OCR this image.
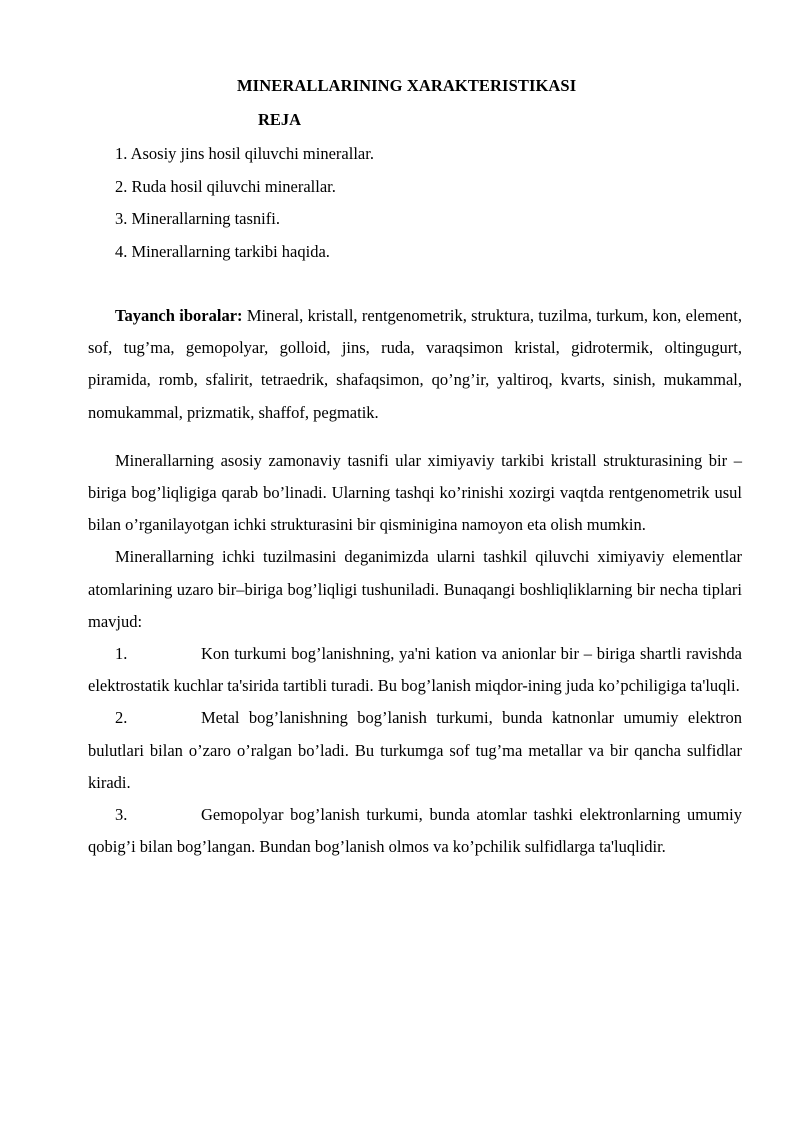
MINERALLARINING XARAKTERISTIKASI
REJA
1. Asosiy jins hosil qiluvchi minerallar.
2. Ruda hosil qiluvchi minerallar.
3. Minerallarning tasnifi.
4. Minerallarning tarkibi haqida.

Tayanch iboralar: Mineral, kristall, rentgenometrik, struktura, tuzilma, turkum, kon, element, sof, tug’ma, gemopolyar, golloid, jins, ruda, varaqsimon kristal, gidrotermik, oltingugurt, piramida, romb, sfalirit, tetraedrik, shafaqsimon, qo’ng’ir, yaltiroq, kvarts, sinish, mukammal, nomukammal, prizmatik, shaffof, pegmatik.

Minerallarning asosiy zamonaviy tasnifi ular ximiyaviy tarkibi kristall strukturasining bir – biriga bog’liqligiga qarab bo’linadi. Ularning tashqi ko’rinishi xozirgi vaqtda rentgenometrik usul bilan o’rganilayotgan ichki strukturasini bir qisminigina namoyon eta olish mumkin.

Minerallarning ichki tuzilmasini deganimizda ularni tashkil qiluvchi ximiyaviy elementlar atomlarining uzaro bir–biriga bog’liqligi tushuniladi. Bunaqangi boshliqliklarning bir necha tiplari mavjud:

1.	Kon turkumi bog’lanishning, ya'ni kation va anionlar bir – biriga shartli ravishda elektrostatik kuchlar ta'sirida tartibli turadi. Bu bog’lanish miqdor-ining juda ko’pchiligiga ta'luqli.

2.	Metal bog’lanishning bog’lanish turkumi, bunda katnonlar umumiy elektron bulutlari bilan o’zaro o’ralgan bo’ladi. Bu turkumga sof tug’ma metallar va bir qancha sulfidlar kiradi.

3.	Gemopolyar bog’lanish turkumi, bunda atomlar tashki elektronlarning umumiy qobig’i bilan bog’langan. Bundan bog’lanish olmos va ko’pchilik sulfidlarga ta'luqlidir.
